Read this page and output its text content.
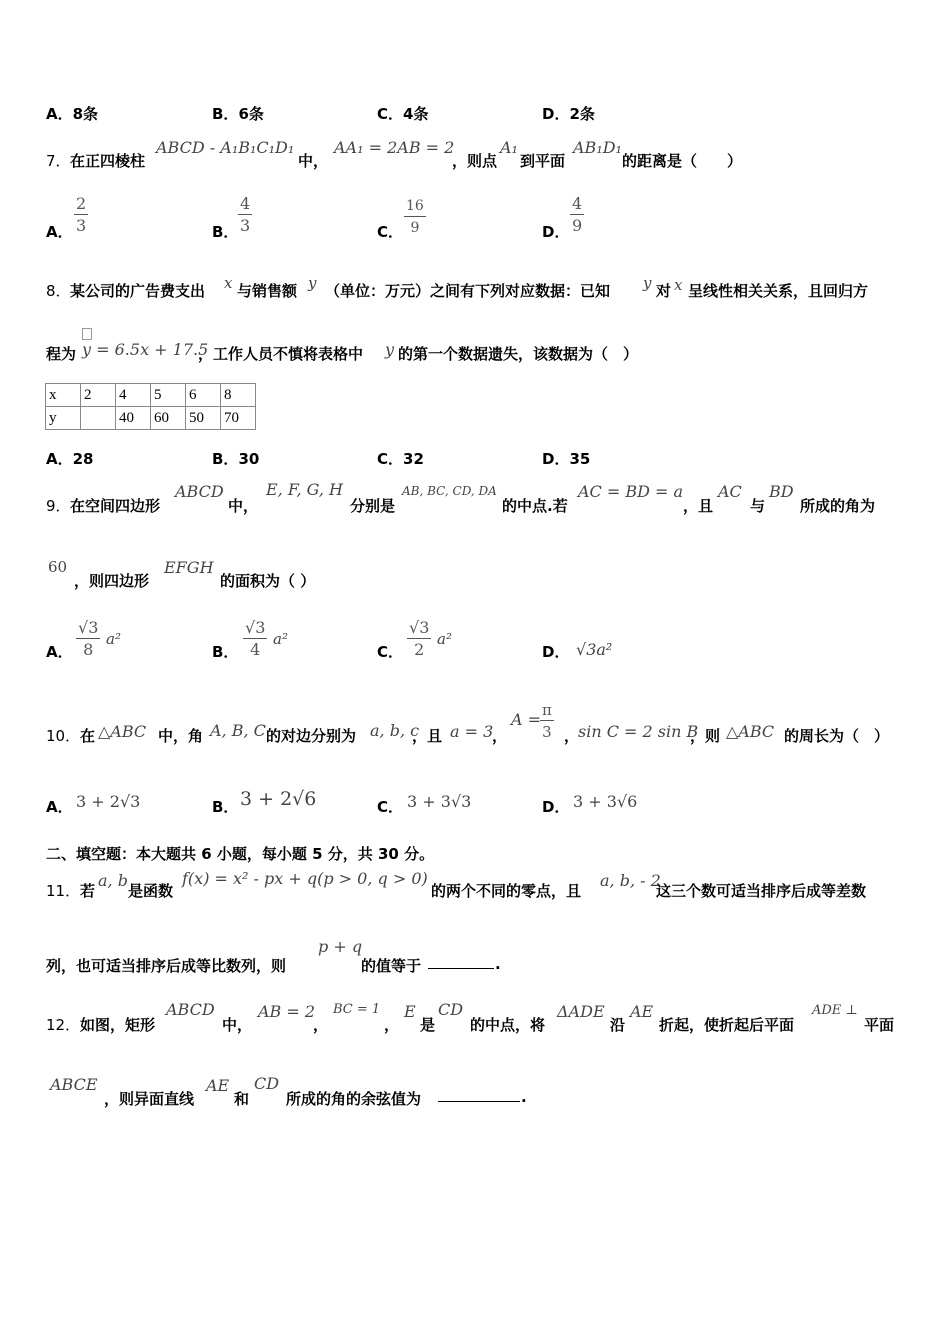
A．8条	B．6条	C．4条	D．2条
7． 在正四棱柱
ABCD - A₁B₁C₁D₁
中，
AA₁ = 2AB = 2
，则点
A₁
到平面
AB₁D₁
的距离是（　　）
A． $\frac{2}{3}$	B． $\frac{4}{3}$	C． $\frac{16}{9}$	D． $\frac{4}{9}$
8． 某公司的广告费支出 x 与销售额 y （单位：万元）之间有下列对应数据：已知 y 对 x 呈线性相关关系，且回归方
程为 y = 6.5x + 17.5
，工作人员不慎将表格中 y 的第一个数据遗失，该数据为（　）
x	2	4	5	6	8
y		40	60	50	70
A．28	B．30	C．32	D．35
9． 在空间四边形
ABCD
中，
E, F, G, H
分别是
AB, BC, CD, DA
的中点.若
AC = BD = a
，且
AC
与
BD
所成的角为
60
，则四边形
EFGH
的面积为（ ）
A． $\frac{√3}{8} a^2$
B． $\frac{√3}{4} a^2$
C． $\frac{√3}{2} a^2$
D． √3a²
10． 在 △ABC 中，角 A, B, C 的对边分别为 a, b, c
，且 a = 3
，
A =
$\frac{\pi}{3}$ ，
sin C = 2 sin B
，则 △ABC 的周长为（　）
A． 3 + 2√3	B． 3 + 2√6	C． 3 + 3√3	D． 3 + 3√6
二、填空题：本大题共 6 小题，每小题 5 分，共 30 分。
11． 若
a, b
是函数
f(x) = x² - px + q(p > 0, q > 0)
的两个不同的零点，且
a, b, - 2
这三个数可适当排序后成等差数
列，也可适当排序后成等比数列，则
p + q
的值等于	.
12． 如图，矩形
ABCD
中，
AB = 2
，
BC = 1
，
E
是
CD
的中点，将
ΔADE
沿
AE
折起，使折起后平面
ADE ⊥
平面
ABCE
，则异面直线
AE
和
CD
所成的角的余弦值为	.
